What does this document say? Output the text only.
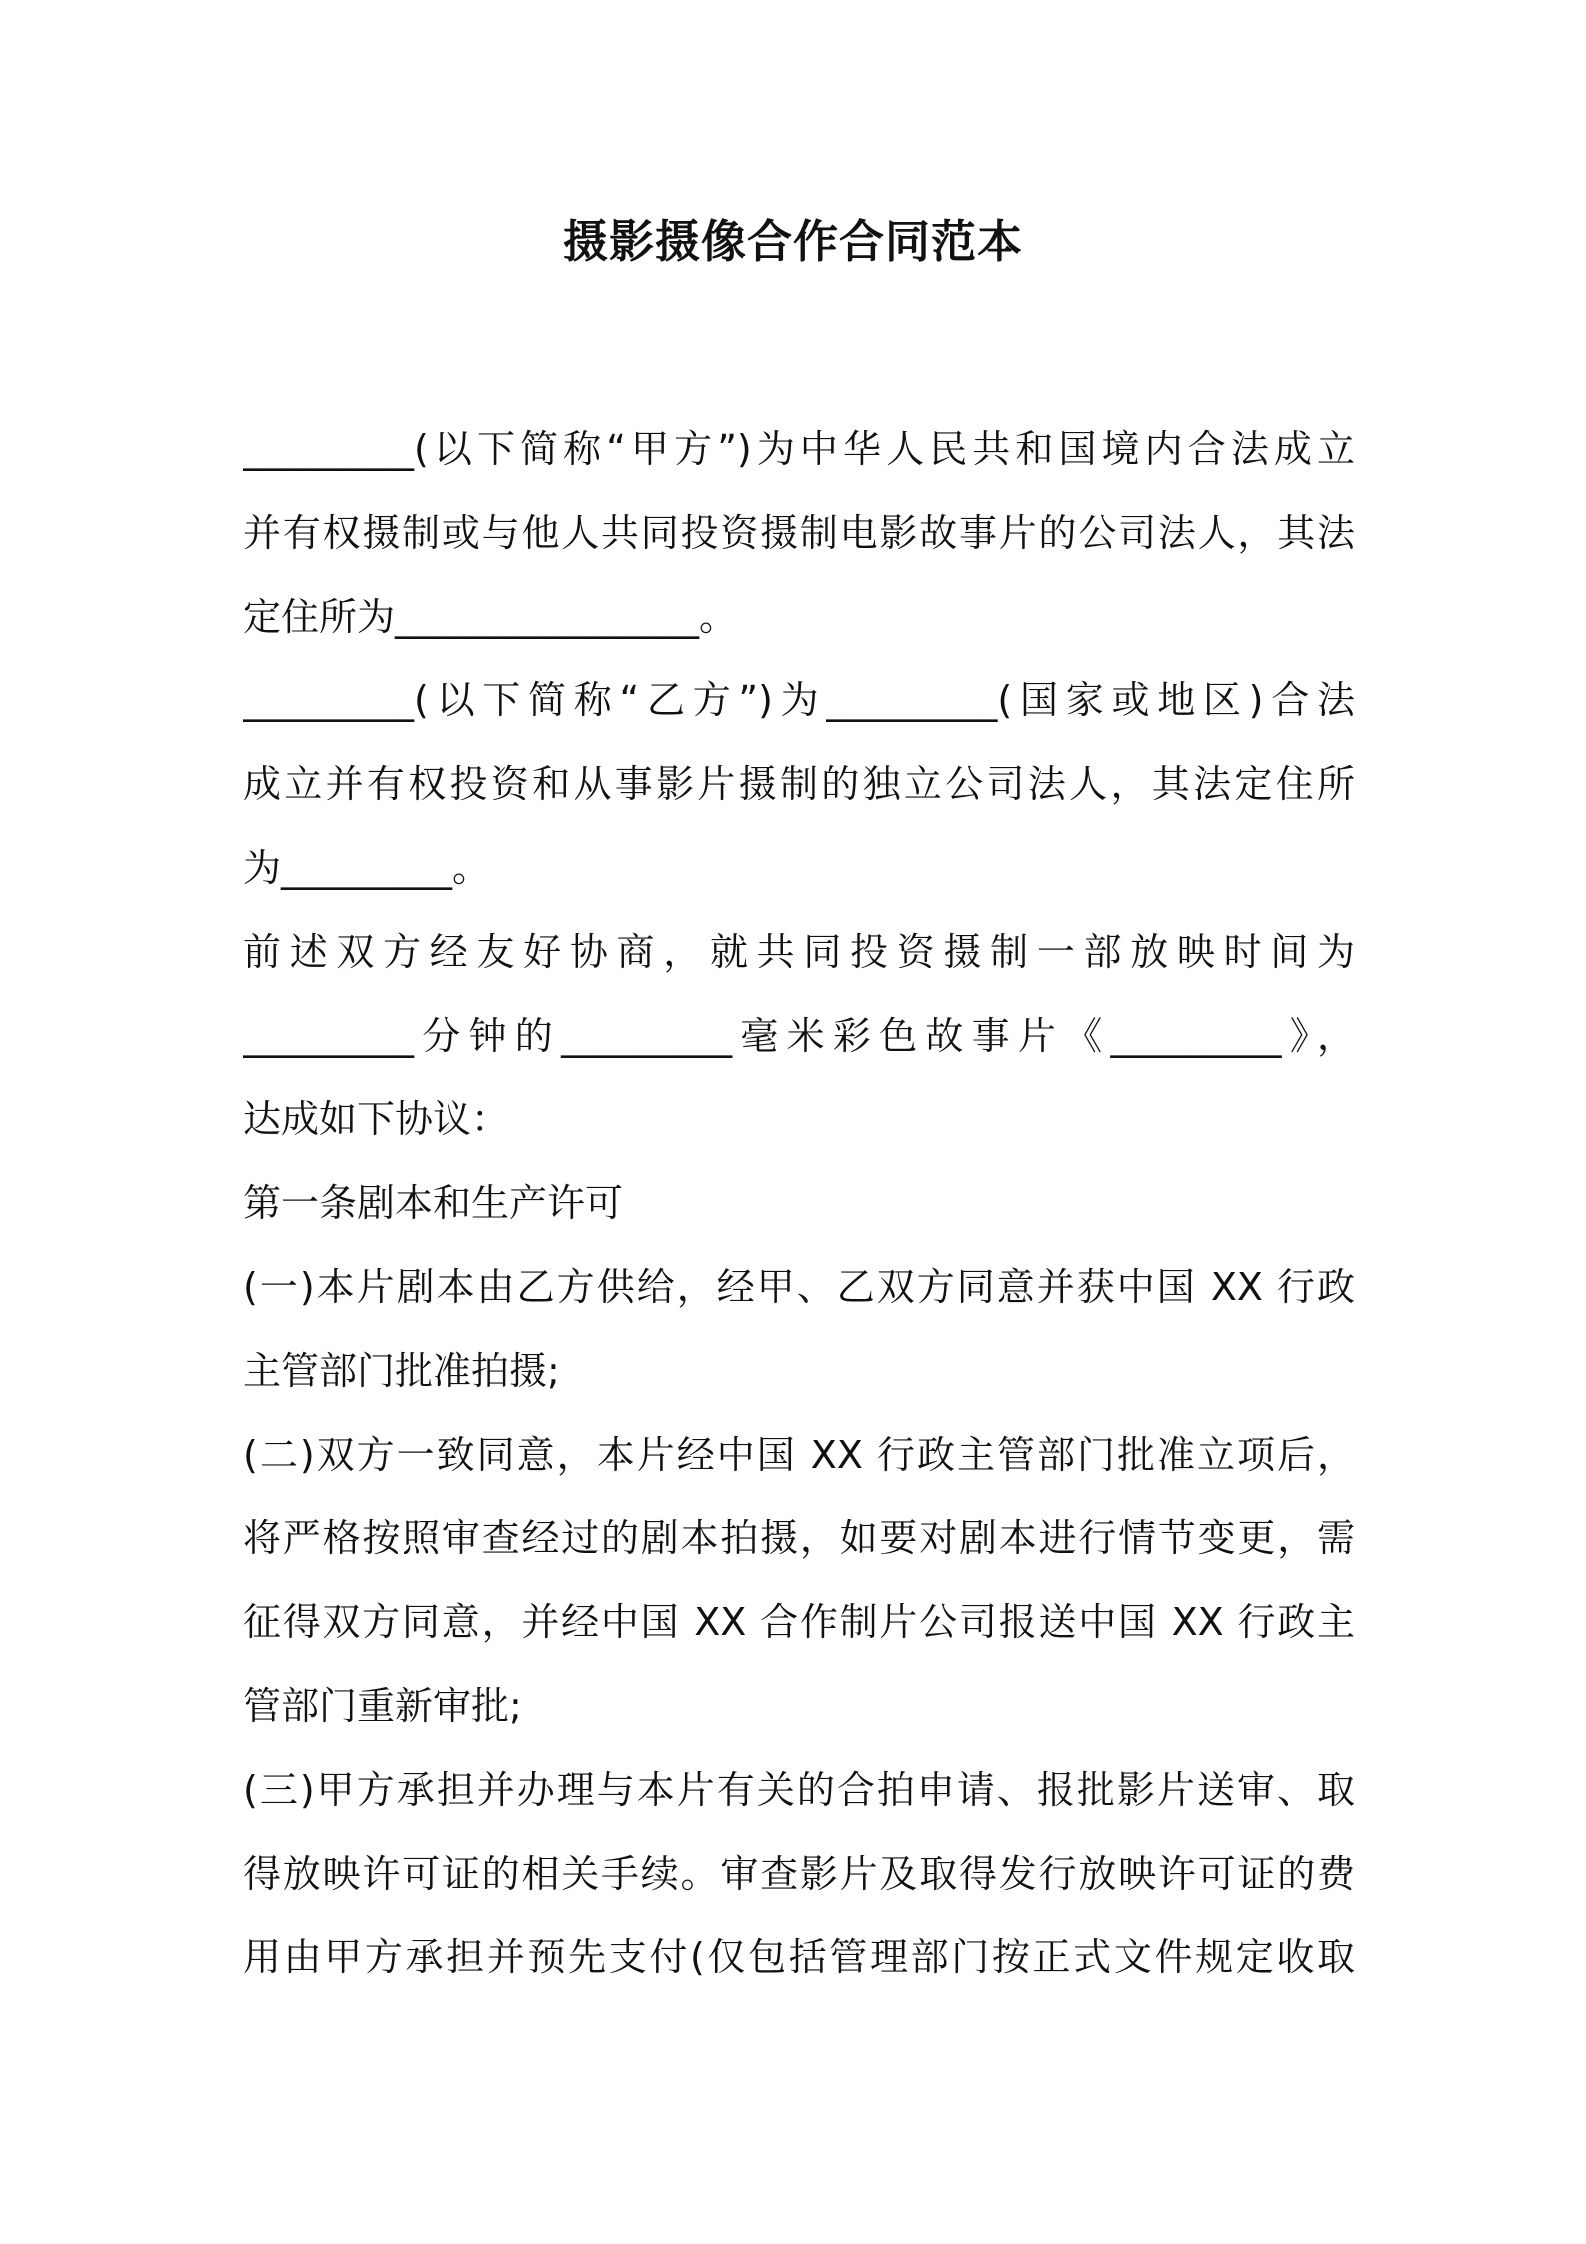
摄影摄像合作合同范本
_________(以下简称“甲方”)为中华人民共和国境内合法成立
并有权摄制或与他人共同投资摄制电影故事片的公司法人，其法
定住所为________________。
_________(以下简称“乙方”)为_________(国家或地区)合法
成立并有权投资和从事影片摄制的独立公司法人，其法定住所
为_________。
前述双方经友好协商，就共同投资摄制一部放映时间为
_________分钟的_________毫米彩色故事片《_________》，
达成如下协议：
第一条剧本和生产许可
(一)本片剧本由乙方供给，经甲、乙双方同意并获中国 XX 行政
主管部门批准拍摄;
(二)双方一致同意，本片经中国 XX 行政主管部门批准立项后，
将严格按照审查经过的剧本拍摄，如要对剧本进行情节变更，需
征得双方同意，并经中国 XX 合作制片公司报送中国 XX 行政主
管部门重新审批;
(三)甲方承担并办理与本片有关的合拍申请、报批影片送审、取
得放映许可证的相关手续。审查影片及取得发行放映许可证的费
用由甲方承担并预先支付(仅包括管理部门按正式文件规定收取
